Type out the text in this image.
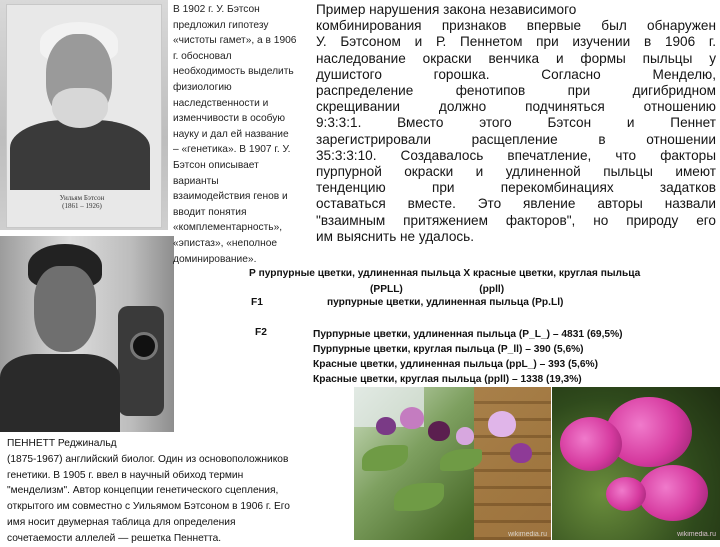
Уильям Бэтсон
(1861 – 1926)
В 1902 г. У. Бэтсон
предложил гипотезу
«чистоты гамет», а в 1906
г. обосновал
необходимость выделить
физиологию
наследственности и
изменчивости в особую
науку и дал ей название
– «генетика». В 1907 г. У.
Бэтсон описывает
варианты
взаимодействия генов и
вводит понятия
«комплементарность»,
«эпистаз», «неполное
доминирование».
Пример нарушения закона независимого
комбинирования признаков впервые был обнаружен
У. Бэтсоном и Р. Пеннетом при изучении в 1906 г.
наследование окраски венчика и формы пыльцы у
душистого горошка. Согласно Менделю,
распределение фенотипов при дигибридном
скрещивании должно подчиняться отношению
9:3:3:1. Вместо этого Бэтсон и Пеннет
зарегистрировали расщепление в отношении
35:3:3:10. Создавалось впечатление, что факторы
пурпурной окраски и удлиненной пыльцы имеют
тенденцию при перекомбинациях задатков
оставаться вместе. Это явление авторы назвали
"взаимным притяжением факторов", но природу его
им выяснить не удалось.
Р пурпурные цветки, удлиненная пыльца Х красные цветки, круглая пыльца
(PPLL)                           (ppll)
F1	пурпурные цветки, удлиненная пыльца (Pp.Ll)
F2	Пурпурные цветки, удлиненная пыльца (P_L_) – 4831 (69,5%)
Пурпурные цветки, круглая пыльца (P_ll) – 390 (5,6%)
Красные цветки, удлиненная пыльца (ppL_) – 393 (5,6%)
Красные цветки, круглая пыльца (ppll) – 1338 (19,3%)
ПЕННЕТТ Реджинальд
(1875-1967) английский биолог. Один из основоположников
генетики. В 1905 г. ввел в научный обиход термин
"менделизм". Автор концепции генетического сцепления,
открытого им совместно с Уильямом Бэтсоном в 1906 г. Его
имя носит двумерная таблица для определения
сочетаемости аллелей — решетка Пеннетта.	wikimedia.ru	wikimedia.ru
